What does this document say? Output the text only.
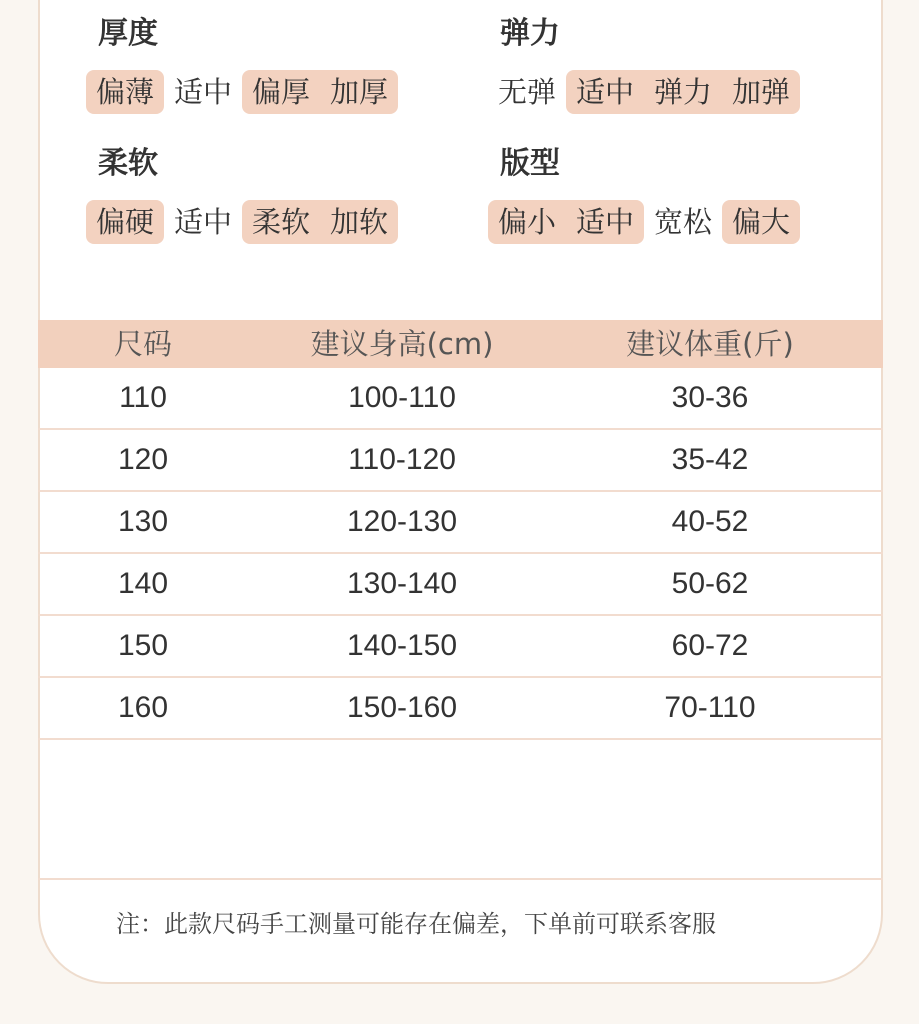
厚度
偏薄 适中 偏厚 加厚
弹力
无弹 适中 弹力 加弹
柔软
偏硬 适中 柔软 加软
版型
偏小 适中 宽松 偏大
尺码	建议身高(cm)	建议体重(斤)
110	100-110	30-36
120	110-120	35-42
130	120-130	40-52
140	130-140	50-62
150	140-150	60-72
160	150-160	70-110
注：此款尺码手工测量可能存在偏差，下单前可联系客服
